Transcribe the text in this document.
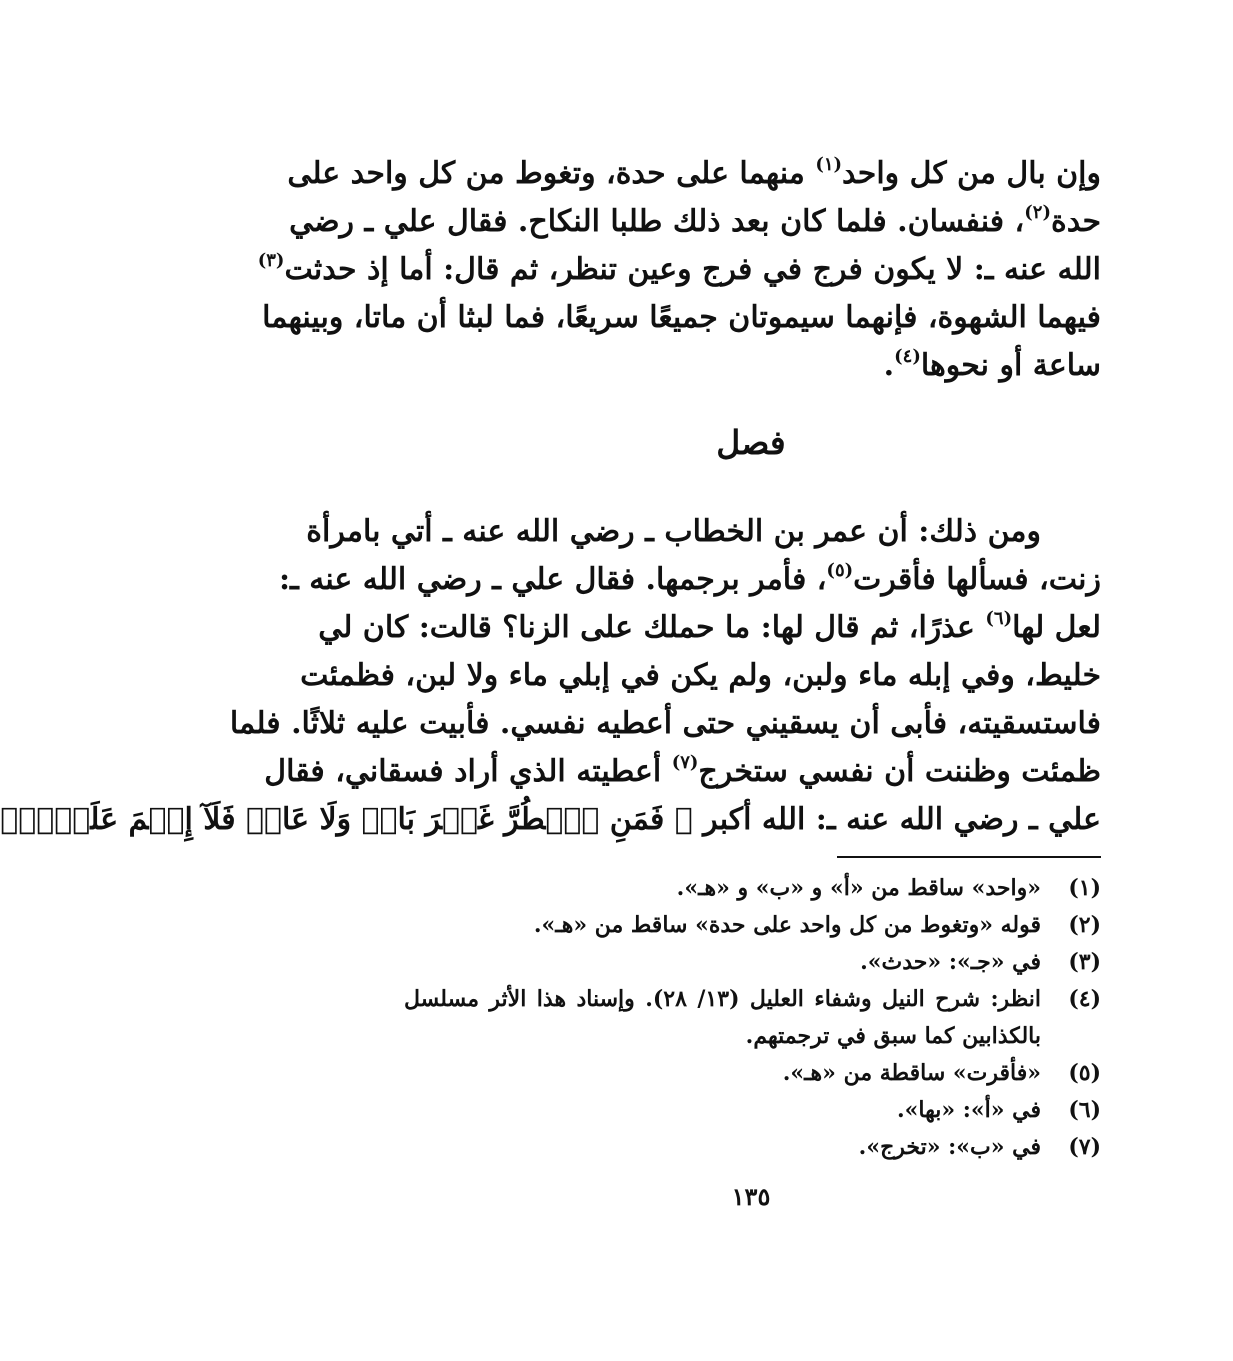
وإن بال من كل واحد$^{(١)}$ منهما على حدة، وتغوط من كل واحد على
حدة$^{(٢)}$، فنفسان. فلما كان بعد ذلك طلبا النكاح. فقال علي ـ رضي
الله عنه ـ: لا يكون فرج في فرج وعين تنظر، ثم قال: أما إذ حدثت$^{(٣)}$
فيهما الشهوة، فإنهما سيموتان جميعًا سريعًا، فما لبثا أن ماتا، وبينهما
ساعة أو نحوها$^{(٤)}$.
فصل
ومن ذلك: أن عمر بن الخطاب ـ رضي الله عنه ـ أتي بامرأة
زنت، فسألها فأقرت$^{(٥)}$، فأمر برجمها. فقال علي ـ رضي الله عنه ـ:
لعل لها$^{(٦)}$ عذرًا، ثم قال لها: ما حملك على الزنا؟ قالت: كان لي
خليط، وفي إبله ماء ولبن، ولم يكن في إبلي ماء ولا لبن، فظمئت
فاستسقيته، فأبى أن يسقيني حتى أعطيه نفسي. فأبيت عليه ثلاثًا. فلما
ظمئت وظننت أن نفسي ستخرج$^{(٧)}$ أعطيته الذي أراد فسقاني، فقال
علي ـ رضي الله عنه ـ: الله أكبر ﴿ فَمَنِ ٱضۡطُرَّ غَيۡرَ بَاغٖ وَلَا عَادٖ فَلَآ إِثۡمَ عَلَيۡهِۚ
(١)
«واحد» ساقط من «أ» و «ب» و «هـ».
(٢)
قوله «وتغوط من كل واحد على حدة» ساقط من «هـ».
(٣)
في «جـ»: «حدث».
(٤)
انظر: شرح النيل وشفاء العليل (١٣/ ٢٨). وإسناد هذا الأثر مسلسل
بالكذابين كما سبق في ترجمتهم.
(٥)
«فأقرت» ساقطة من «هـ».
(٦)
في «أ»: «بها».
(٧)
في «ب»: «تخرج».
١٣٥
